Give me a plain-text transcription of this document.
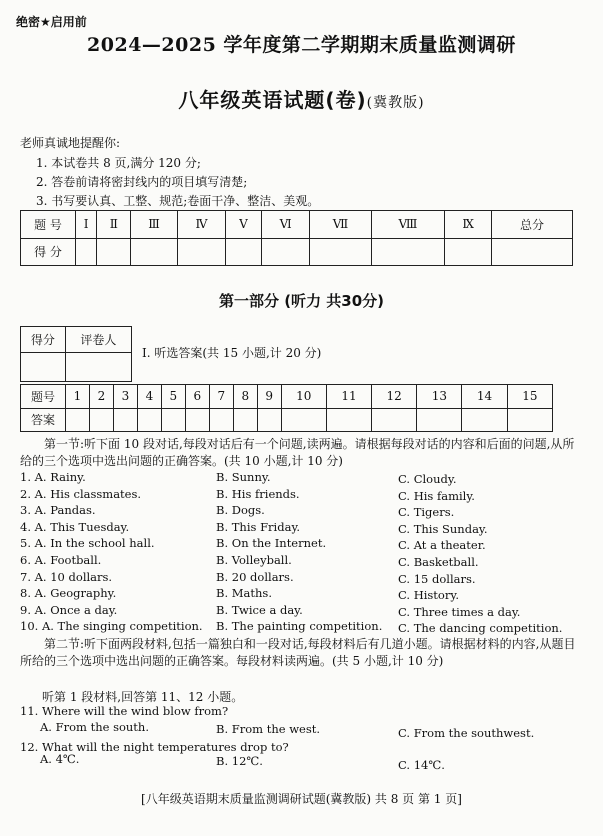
绝密★启用前
2024—2025 学年度第二学期期末质量监测调研
八年级英语试题(卷)(冀教版)
老师真诚地提醒你:
1. 本试卷共 8 页,满分 120 分;
2. 答卷前请将密封线内的项目填写清楚;
3. 书写要认真、工整、规范;卷面干净、整洁、美观。
题 号	Ⅰ	Ⅱ	Ⅲ	Ⅳ	Ⅴ	Ⅵ	Ⅶ	Ⅷ	Ⅸ	总分
得 分										
第一部分 (听力 共30分)
得分	评卷人

Ⅰ. 听选答案(共 15 小题,计 20 分)
题号	1	2	3	4	5	6	7	8	9	10	11	12	13	14	15
答案															
第一节:听下面 10 段对话,每段对话后有一个问题,读两遍。请根据每段对话的内容和后面的问题,从所给的三个选项中选出问题的正确答案。(共 10 小题,计 10 分)
1. A. Rainy.	B. Sunny.	C. Cloudy.
2. A. His classmates.	B. His friends.	C. His family.
3. A. Pandas.	B. Dogs.	C. Tigers.
4. A. This Tuesday.	B. This Friday.	C. This Sunday.
5. A. In the school hall.	B. On the Internet.	C. At a theater.
6. A. Football.	B. Volleyball.	C. Basketball.
7. A. 10 dollars.	B. 20 dollars.	C. 15 dollars.
8. A. Geography.	B. Maths.	C. History.
9. A. Once a day.	B. Twice a day.	C. Three times a day.
10. A. The singing competition. B. The painting competition. C. The dancing competition.
第二节:听下面两段材料,包括一篇独白和一段对话,每段材料后有几道小题。请根据材料的内容,从题目所给的三个选项中选出问题的正确答案。每段材料读两遍。(共 5 小题,计 10 分)
听第 1 段材料,回答第 11、12 小题。
11. Where will the wind blow from?
A. From the south.	B. From the west.	C. From the southwest.
12. What will the night temperatures drop to?
A. 4℃.	B. 12℃.	C. 14℃.
[八年级英语期末质量监测调研试题(冀教版) 共 8 页 第 1 页]
